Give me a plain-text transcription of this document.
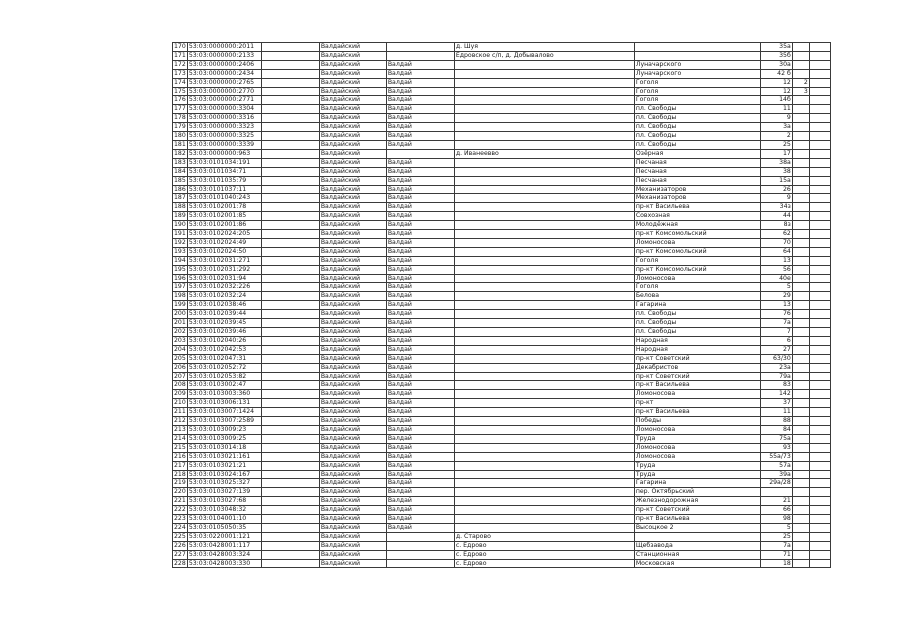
170	53:03:0000000:2011		Валдайский		д. Шуя		35а		
171	53:03:0000000:2133		Валдайский		Едровское с/п, д. Добывалово		35б		
172	53:03:0000000:2406		Валдайский	Валдай		Луначарского	30а		
173	53:03:0000000:2434		Валдайский	Валдай		Луначарского	42 б		
174	53:03:0000000:2765		Валдайский	Валдай		Гоголя	12	2	
175	53:03:0000000:2770		Валдайский	Валдай		Гоголя	12	3	
176	53:03:0000000:2771		Валдайский	Валдай		Гоголя	14б		
177	53:03:0000000:3304		Валдайский	Валдай		пл. Свободы	11		
178	53:03:0000000:3316		Валдайский	Валдай		пл. Свободы	9		
179	53:03:0000000:3323		Валдайский	Валдай		пл. Свободы	3а		
180	53:03:0000000:3325		Валдайский	Валдай		пл. Свободы	2		
181	53:03:0000000:3339		Валдайский	Валдай		пл. Свободы	25		
182	53:03:0000000:963		Валдайский		д. Иванеевво	Озёрная	17		
183	53:03:0101034:191		Валдайский	Валдай		Песчаная	38а		
184	53:03:0101034:71		Валдайский	Валдай		Песчаная	38		
185	53:03:0101035:79		Валдайский	Валдай		Песчаная	15а		
186	53:03:0101037:11		Валдайский	Валдай		Механизаторов	26		
187	53:03:0101040:243		Валдайский	Валдай		Механизаторов	9		
188	53:03:0102001:78		Валдайский	Валдай		пр-кт Васильева	34з		
189	53:03:0102001:85		Валдайский	Валдай		Совхозная	44		
190	53:03:0102001:86		Валдайский	Валдай		Молодёжная	8з		
191	53:03:0102024:205		Валдайский	Валдай		пр-кт Комсомольский	62		
192	53:03:0102024:49		Валдайский	Валдай		Ломоносова	70		
193	53:03:0102024:50		Валдайский	Валдай		пр-кт Комсомольский	64		
194	53:03:0102031:271		Валдайский	Валдай		Гоголя	13		
195	53:03:0102031:292		Валдайский	Валдай		пр-кт Комсомольский	56		
196	53:03:0102031:94		Валдайский	Валдай		Ломоносова	40е		
197	53:03:0102032:226		Валдайский	Валдай		Гоголя	5		
198	53:03:0102032:24		Валдайский	Валдай		Белова	29		
199	53:03:0102038:46		Валдайский	Валдай		Гагарина	13		
200	53:03:0102039:44		Валдайский	Валдай		пл. Свободы	76		
201	53:03:0102039:45		Валдайский	Валдай		пл. Свободы	7а		
202	53:03:0102039:46		Валдайский	Валдай		пл. Свободы	7		
203	53:03:0102040:26		Валдайский	Валдай		Народная	6		
204	53:03:0102042:53		Валдайский	Валдай		Народная	27		
205	53:03:0102047:31		Валдайский	Валдай		пр-кт Советский	63/30		
206	53:03:0102052:72		Валдайский	Валдай		Декабристов	23а		
207	53:03:0102053:82		Валдайский	Валдай		пр-кт Советский	79а		
208	53:03:0103002:47		Валдайский	Валдай		пр-кт Васильева	83		
209	53:03:0103003:360		Валдайский	Валдай		Ломоносова	142		
210	53:03:0103006:131		Валдайский	Валдай		пр-кт	37		
211	53:03:0103007:1424		Валдайский	Валдай		пр-кт Васильева	11		
212	53:03:0103007:2589		Валдайский	Валдай		Победы	88		
213	53:03:0103009:23		Валдайский	Валдай		Ломоносова	84		
214	53:03:0103009:25		Валдайский	Валдай		Труда	75а		
215	53:03:0103014:18		Валдайский	Валдай		Ломоносова	93		
216	53:03:0103021:161		Валдайский	Валдай		Ломоносова	55а/73		
217	53:03:0103021:21		Валдайский	Валдай		Труда	57а		
218	53:03:0103024:167		Валдайский	Валдай		Труда	39а		
219	53:03:0103025:327		Валдайский	Валдай		Гагарина	29а/28		
220	53:03:0103027:139		Валдайский	Валдай		пер. Октябрьский			
221	53:03:0103027:68		Валдайский	Валдай		Железнодорожная	21		
222	53:03:0103048:32		Валдайский	Валдай		пр-кт Советский	66		
223	53:03:0104001:10		Валдайский	Валдай		пр-кт Васильева	98		
224	53:03:0105050:35		Валдайский	Валдай		Высоцкое 2	5		
225	53:03:0220001:121		Валдайский		д. Старово		25		
226	53:03:0428001:117		Валдайский		с. Едрово	Щебзавода	7а		
227	53:03:0428003:324		Валдайский		с. Едрово	Станционная	71		
228	53:03:0428003:330		Валдайский		с. Едрово	Московская	18		
